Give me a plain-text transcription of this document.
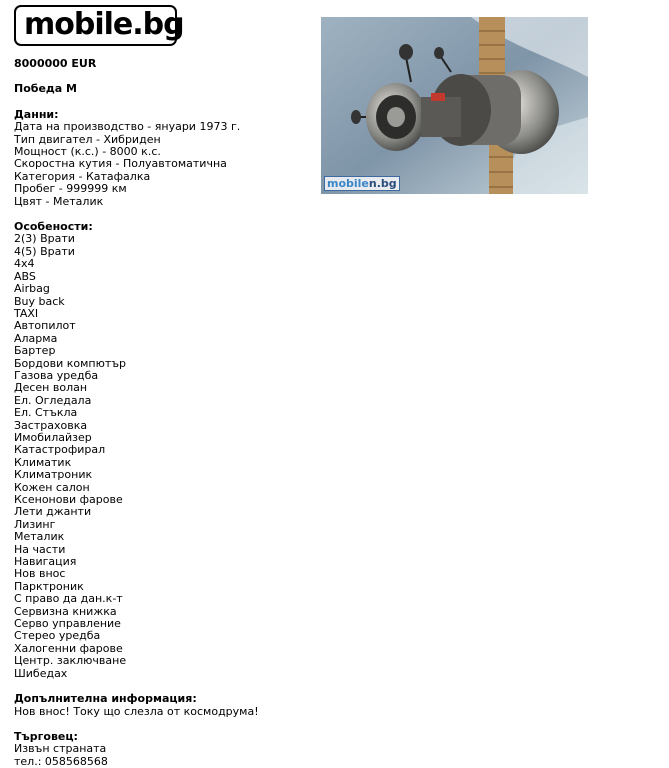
mobile.bg
mobilen.bg
8000000 EUR
Победа М
Данни:
Дата на производство - януари 1973 г.
Тип двигател - Хибриден
Мощност (к.с.) - 8000 к.с.
Скоростна кутия - Полуавтоматична
Категория - Катафалка
Пробег - 999999 км
Цвят - Металик
Особености:
2(3) Врати
4(5) Врати
4x4
ABS
Airbag
Buy back
TAXI
Автопилот
Аларма
Бартер
Бордови компютър
Газова уредба
Десен волан
Ел. Огледала
Ел. Стъкла
Застраховка
Имобилайзер
Катастрофирал
Климатик
Климатроник
Кожен салон
Ксенонови фарове
Лети джанти
Лизинг
Металик
На части
Навигация
Нов внос
Парктроник
С право да дан.к-т
Сервизна книжка
Серво управление
Стерео уредба
Халогенни фарове
Центр. заключване
Шибедах
Допълнителна информация:
Нов внос! Току що слезла от космодрума!
Търговец:
Извън страната
тел.: 058568568
